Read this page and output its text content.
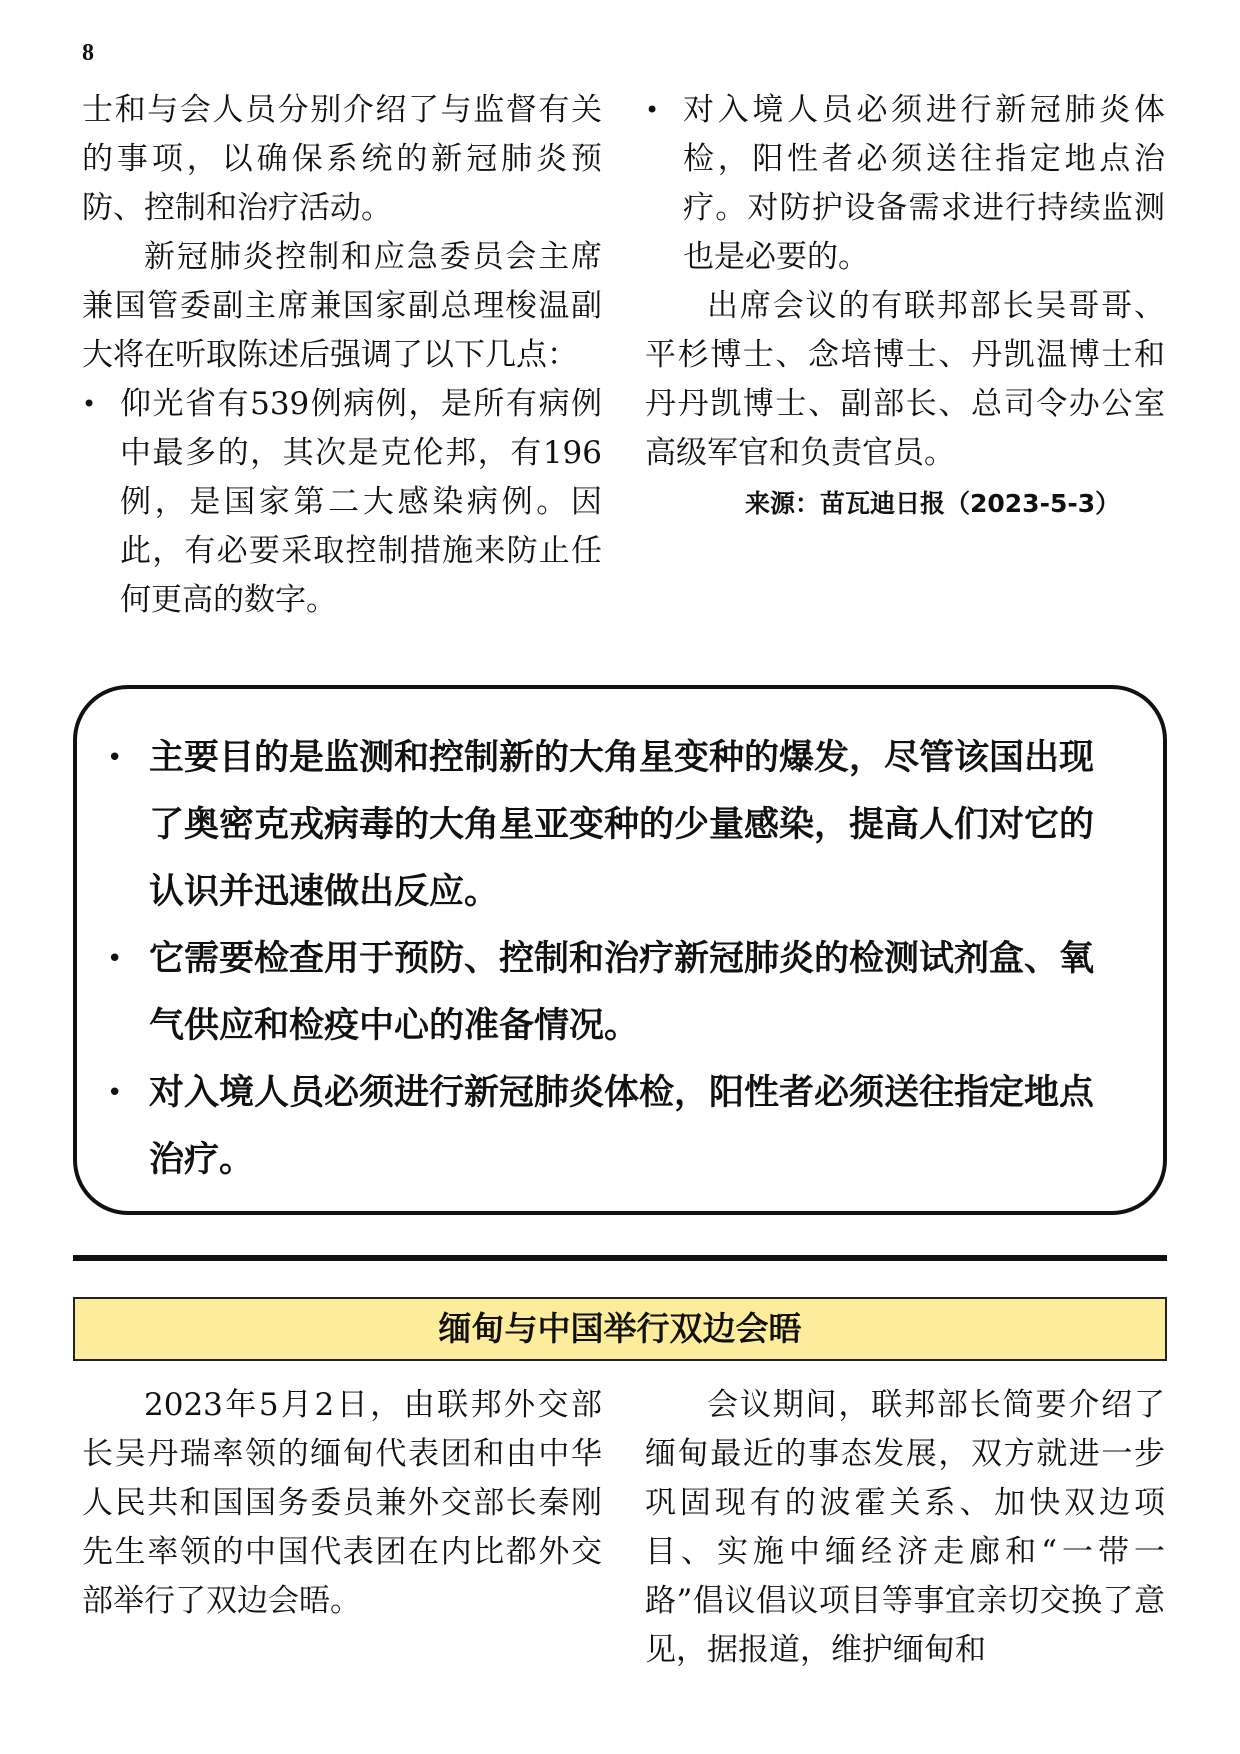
8

士和与会人员分别介绍了与监督有关的事项，以确保系统的新冠肺炎预防、控制和治疗活动。

新冠肺炎控制和应急委员会主席兼国管委副主席兼国家副总理梭温副大将在听取陈述后强调了以下几点：

• 仰光省有539例病例，是所有病例中最多的，其次是克伦邦，有196例，是国家第二大感染病例。因此，有必要采取控制措施来防止任何更高的数字。
• 对入境人员必须进行新冠肺炎体检，阳性者必须送往指定地点治疗。对防护设备需求进行持续监测也是必要的。

出席会议的有联邦部长吴哥哥、平杉博士、念培博士、丹凯温博士和丹丹凯博士、副部长、总司令办公室高级军官和负责官员。

来源：苗瓦迪日报（2023-5-3）
• 主要目的是监测和控制新的大角星变种的爆发，尽管该国出现了奥密克戎病毒的大角星亚变种的少量感染，提高人们对它的认识并迅速做出反应。
• 它需要检查用于预防、控制和治疗新冠肺炎的检测试剂盒、氧气供应和检疫中心的准备情况。
• 对入境人员必须进行新冠肺炎体检，阳性者必须送往指定地点治疗。
缅甸与中国举行双边会晤

2023年5月2日，由联邦外交部长吴丹瑞率领的缅甸代表团和由中华人民共和国国务委员兼外交部长秦刚先生率领的中国代表团在内比都外交部举行了双边会晤。

会议期间，联邦部长简要介绍了缅甸最近的事态发展，双方就进一步巩固现有的波霍关系、加快双边项目、实施中缅经济走廊和“一带一路”倡议倡议项目等事宜亲切交换了意见，据报道，维护缅甸和
